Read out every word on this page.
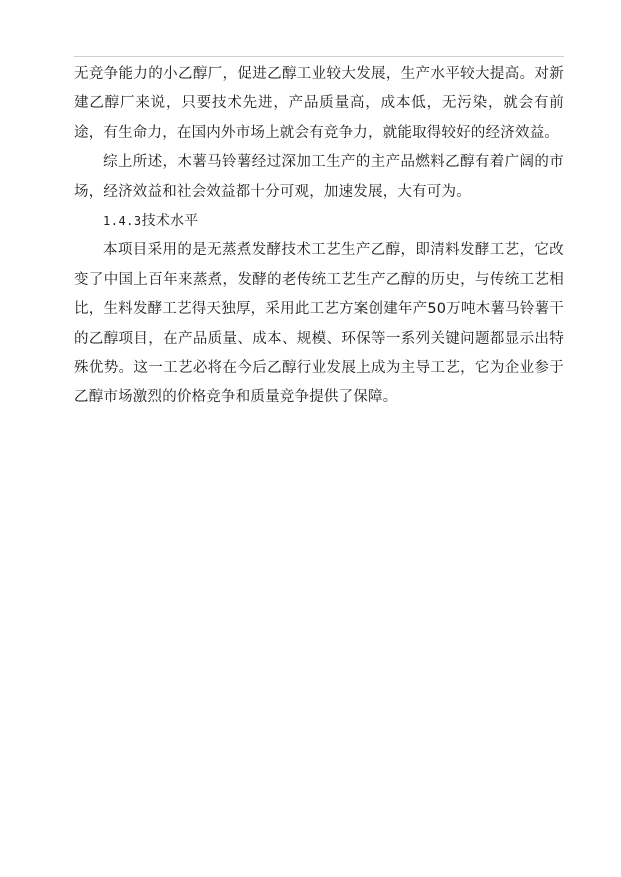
无竞争能力的小乙醇厂，促进乙醇工业较大发展，生产水平较大提高。对新建乙醇厂来说，只要技术先进，产品质量高，成本低，无污染，就会有前途，有生命力，在国内外市场上就会有竞争力，就能取得较好的经济效益。

综上所述，木薯马铃薯经过深加工生产的主产品燃料乙醇有着广阔的市场，经济效益和社会效益都十分可观，加速发展，大有可为。

1.4.3技术水平

本项目采用的是无蒸煮发酵技术工艺生产乙醇，即清料发酵工艺，它改变了中国上百年来蒸煮，发酵的老传统工艺生产乙醇的历史，与传统工艺相比，生料发酵工艺得天独厚，采用此工艺方案创建年产50万吨木薯马铃薯干的乙醇项目，在产品质量、成本、规模、环保等一系列关键问题都显示出特殊优势。这一工艺必将在今后乙醇行业发展上成为主导工艺，它为企业参于乙醇市场激烈的价格竞争和质量竞争提供了保障。
